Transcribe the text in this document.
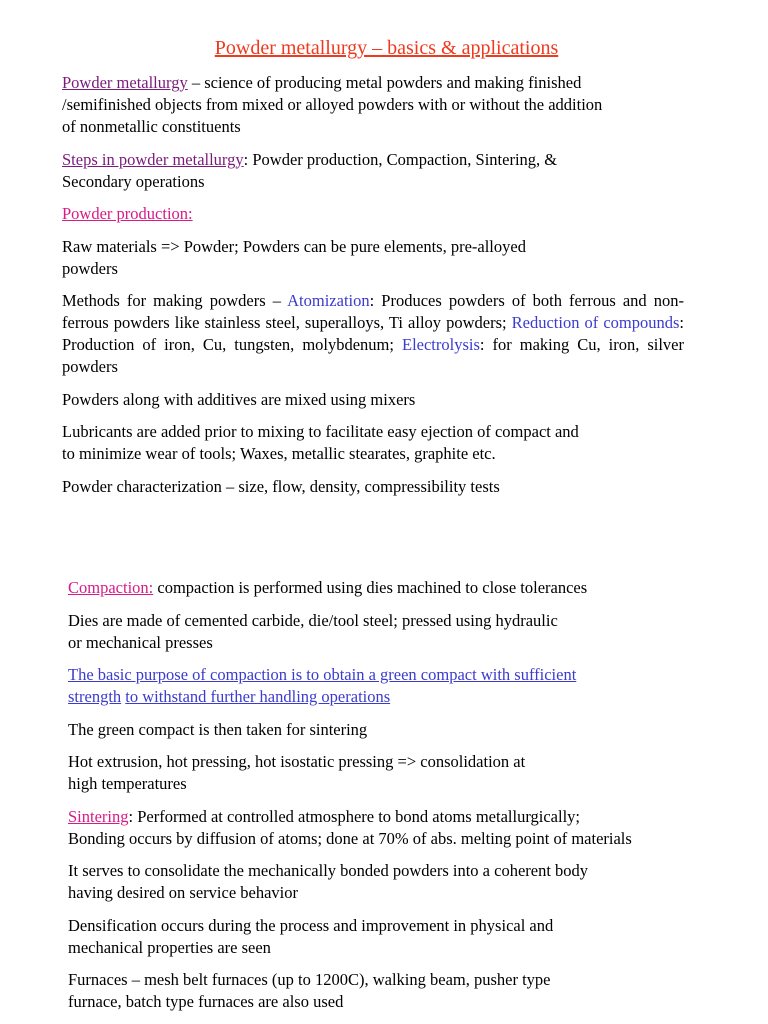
Powder metallurgy – basics & applications

Powder metallurgy – science of producing metal powders and making finished
/semifinished objects from mixed or alloyed powders with or without the addition
of nonmetallic constituents

Steps in powder metallurgy: Powder production, Compaction, Sintering, &
Secondary operations

Powder production:

Raw materials => Powder; Powders can be pure elements, pre-alloyed
powders

Methods for making powders – Atomization: Produces powders of both ferrous and non-ferrous powders like stainless steel, superalloys, Ti alloy powders; Reduction of compounds: Production of iron, Cu, tungsten, molybdenum; Electrolysis: for making Cu, iron, silver powders

Powders along with additives are mixed using mixers

Lubricants are added prior to mixing to facilitate easy ejection of compact and
to minimize wear of tools; Waxes, metallic stearates, graphite etc.

Powder characterization – size, flow, density, compressibility tests

Compaction: compaction is performed using dies machined to close tolerances

Dies are made of cemented carbide, die/tool steel; pressed using hydraulic
or mechanical presses

The basic purpose of compaction is to obtain a green compact with sufficient
strength to withstand further handling operations

The green compact is then taken for sintering

Hot extrusion, hot pressing, hot isostatic pressing => consolidation at
high temperatures

Sintering: Performed at controlled atmosphere to bond atoms metallurgically;
Bonding occurs by diffusion of atoms; done at 70% of abs. melting point of materials

It serves to consolidate the mechanically bonded powders into a coherent body
having desired on service behavior

Densification occurs during the process and improvement in physical and
mechanical properties are seen

Furnaces – mesh belt furnaces (up to 1200C), walking beam, pusher type
furnace, batch type furnaces are also used
